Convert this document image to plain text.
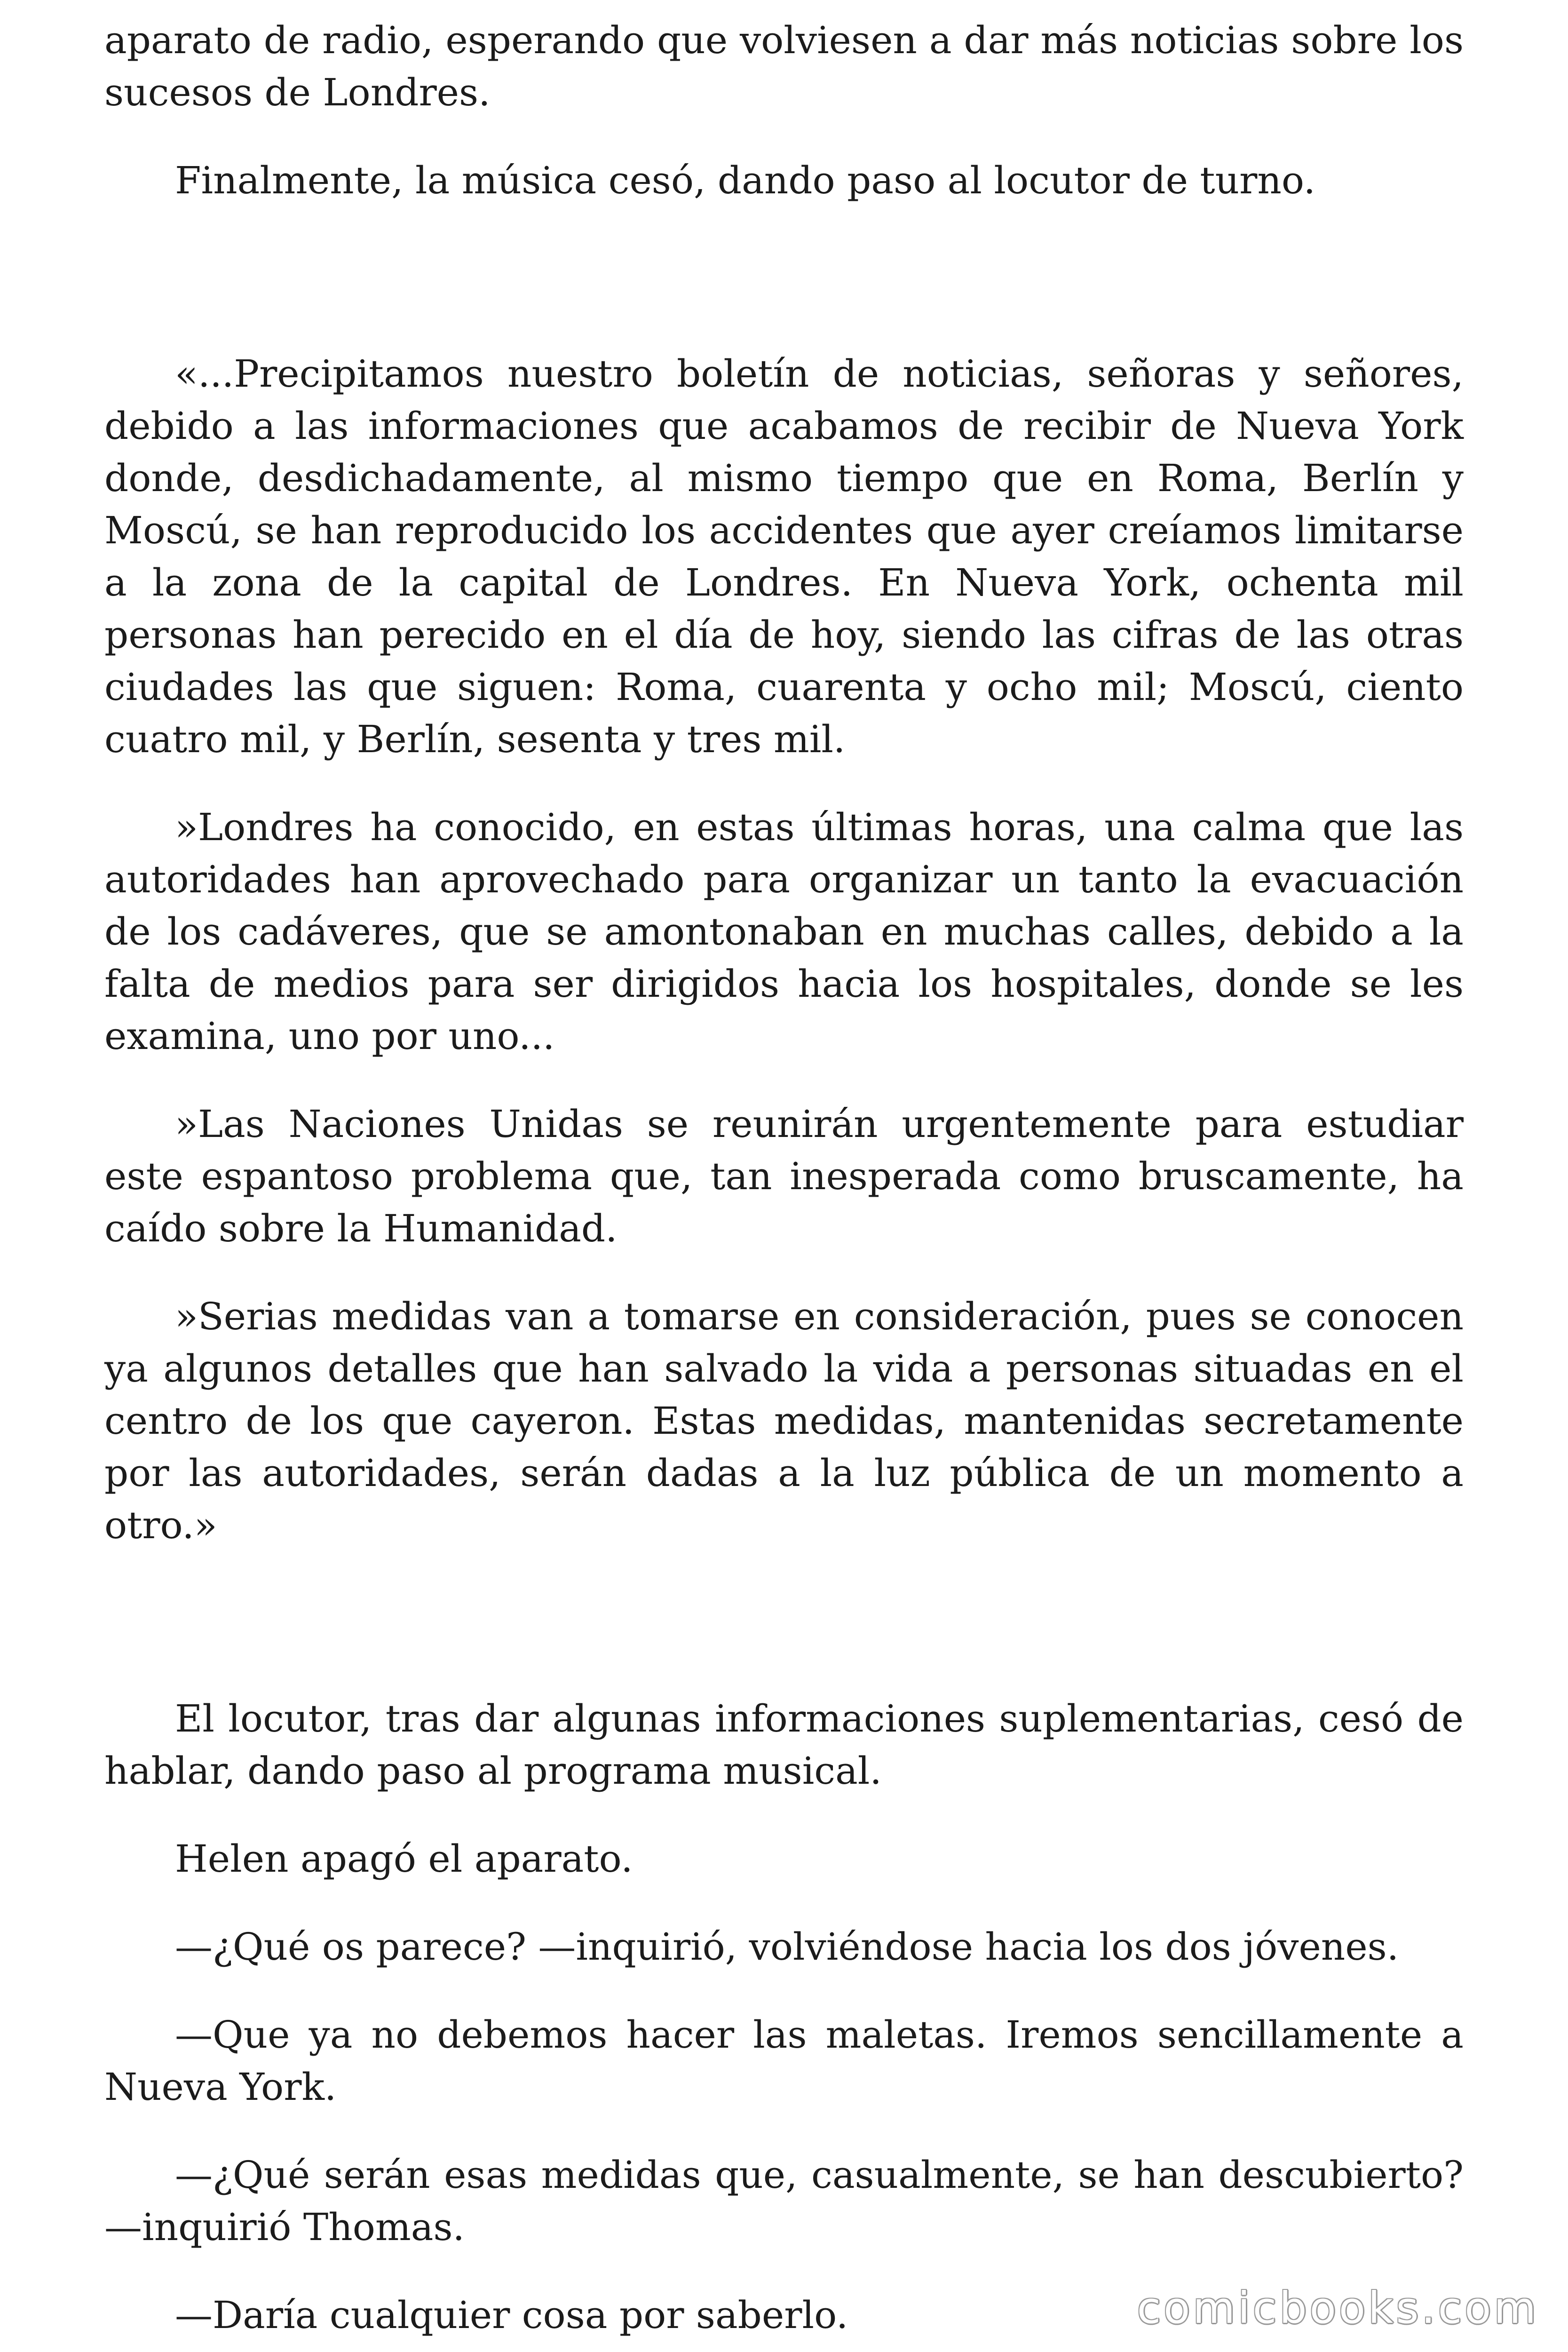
aparato de radio, esperando que volviesen a dar más noticias sobre los sucesos de Londres.

Finalmente, la música cesó, dando paso al locutor de turno.

«...Precipitamos nuestro boletín de noticias, señoras y señores, debido a las informaciones que acabamos de recibir de Nueva York donde, desdichadamente, al mismo tiempo que en Roma, Berlín y Moscú, se han reproducido los accidentes que ayer creíamos limitarse a la zona de la capital de Londres. En Nueva York, ochenta mil personas han perecido en el día de hoy, siendo las cifras de las otras ciudades las que siguen: Roma, cuarenta y ocho mil; Moscú, ciento cuatro mil, y Berlín, sesenta y tres mil.

»Londres ha conocido, en estas últimas horas, una calma que las autoridades han aprovechado para organizar un tanto la evacuación de los cadáveres, que se amontonaban en muchas calles, debido a la falta de medios para ser dirigidos hacia los hospitales, donde se les examina, uno por uno...

»Las Naciones Unidas se reunirán urgentemente para estudiar este espantoso problema que, tan inesperada como bruscamente, ha caído sobre la Humanidad.

»Serias medidas van a tomarse en consideración, pues se conocen ya algunos detalles que han salvado la vida a personas situadas en el centro de los que cayeron. Estas medidas, mantenidas secretamente por las autoridades, serán dadas a la luz pública de un momento a otro.»

El locutor, tras dar algunas informaciones suplementarias, cesó de hablar, dando paso al programa musical.

Helen apagó el aparato.

—¿Qué os parece? —inquirió, volviéndose hacia los dos jóvenes.

—Que ya no debemos hacer las maletas. Iremos sencillamente a Nueva York.

—¿Qué serán esas medidas que, casualmente, se han descubierto? —inquirió Thomas.

—Daría cualquier cosa por saberlo.	comicbooks.com
